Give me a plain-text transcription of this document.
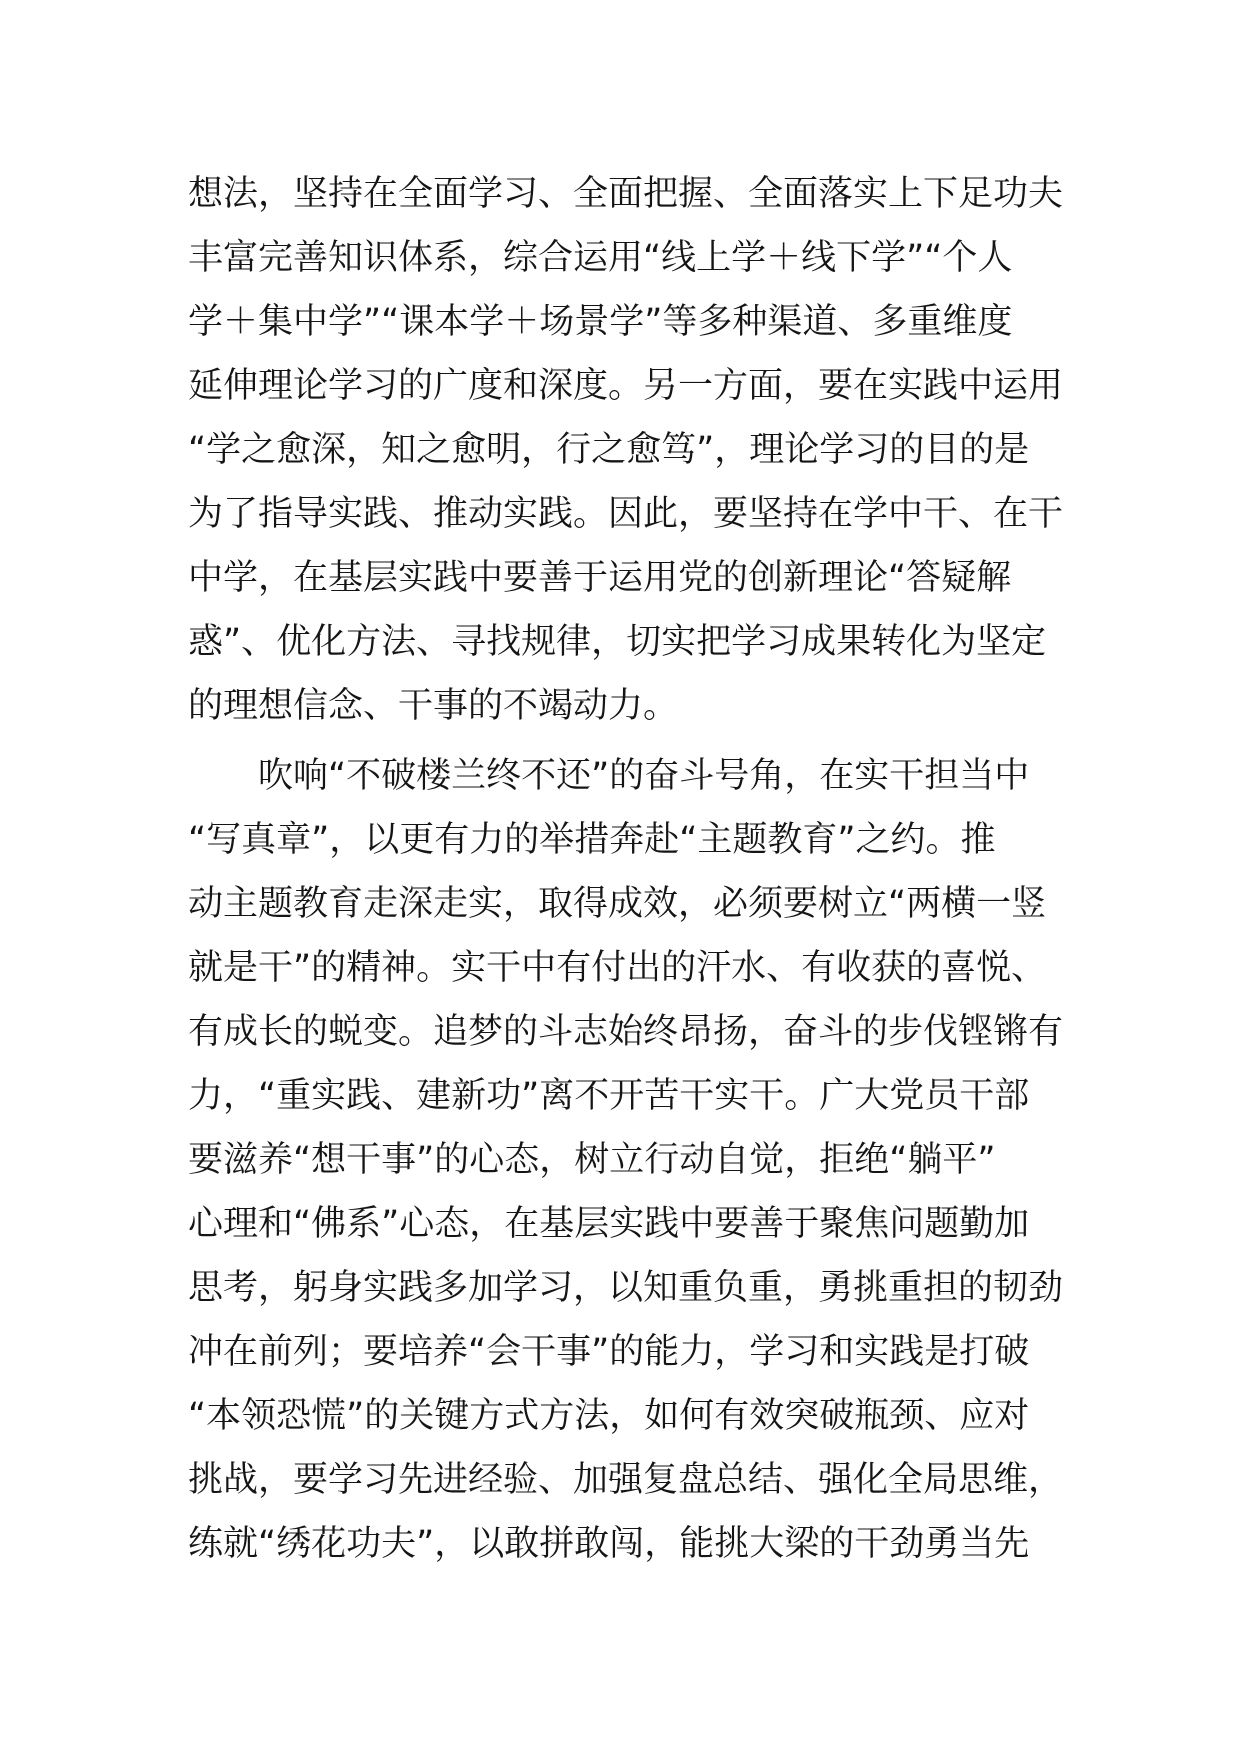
想法，坚持在全面学习、全面把握、全面落实上下足功夫
丰富完善知识体系，综合运用“线上学＋线下学”“个人
学＋集中学”“课本学＋场景学”等多种渠道、多重维度
延伸理论学习的广度和深度。另一方面，要在实践中运用
“学之愈深，知之愈明，行之愈笃”，理论学习的目的是
为了指导实践、推动实践。因此，要坚持在学中干、在干
中学，在基层实践中要善于运用党的创新理论“答疑解
惑”、优化方法、寻找规律，切实把学习成果转化为坚定
的理想信念、干事的不竭动力。
吹响“不破楼兰终不还”的奋斗号角，在实干担当中
“写真章”，以更有力的举措奔赴“主题教育”之约。推
动主题教育走深走实，取得成效，必须要树立“两横一竖
就是干”的精神。实干中有付出的汗水、有收获的喜悦、
有成长的蜕变。追梦的斗志始终昂扬，奋斗的步伐铿锵有
力，“重实践、建新功”离不开苦干实干。广大党员干部
要滋养“想干事”的心态，树立行动自觉，拒绝“躺平”
心理和“佛系”心态，在基层实践中要善于聚焦问题勤加
思考，躬身实践多加学习，以知重负重，勇挑重担的韧劲
冲在前列；要培养“会干事”的能力，学习和实践是打破
“本领恐慌”的关键方式方法，如何有效突破瓶颈、应对
挑战，要学习先进经验、加强复盘总结、强化全局思维，
练就“绣花功夫”，以敢拼敢闯，能挑大梁的干劲勇当先
